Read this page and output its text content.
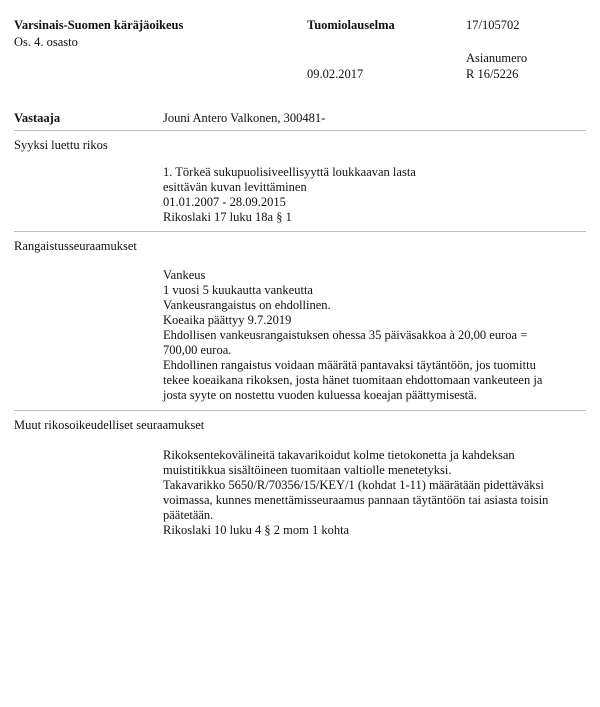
Varsinais-Suomen käräjäoikeus
Os. 4. osasto
Tuomiolauselma	17/105702
Asianumero
09.02.2017	R 16/5226
Vastaaja	Jouni Antero Valkonen, 300481-
Syyksi luettu rikos
1. Törkeä sukupuolisiveellisyyttä loukkaavan lasta
esittävän kuvan levittäminen
01.01.2007 - 28.09.2015
Rikoslaki 17 luku 18a § 1
Rangaistusseuraamukset
Vankeus
1 vuosi 5 kuukautta vankeutta
Vankeusrangaistus on ehdollinen.
Koeaika päättyy 9.7.2019
Ehdollisen vankeusrangaistuksen ohessa 35 päiväsakkoa à 20,00 euroa =
700,00 euroa.
Ehdollinen rangaistus voidaan määrätä pantavaksi täytäntöön, jos tuomittu
tekee koeaikana rikoksen, josta hänet tuomitaan ehdottomaan vankeuteen ja
josta syyte on nostettu vuoden kuluessa koeajan päättymisestä.
Muut rikosoikeudelliset seuraamukset
Rikoksentekovälineitä takavarikoidut kolme tietokonetta ja kahdeksan
muistitikkua sisältöineen tuomitaan valtiolle menetetyksi.
Takavarikko 5650/R/70356/15/KEY/1 (kohdat 1-11) määrätään pidettäväksi
voimassa, kunnes menettämisseuraamus pannaan täytäntöön tai asiasta toisin
päätetään.
Rikoslaki 10 luku 4 § 2 mom 1 kohta
